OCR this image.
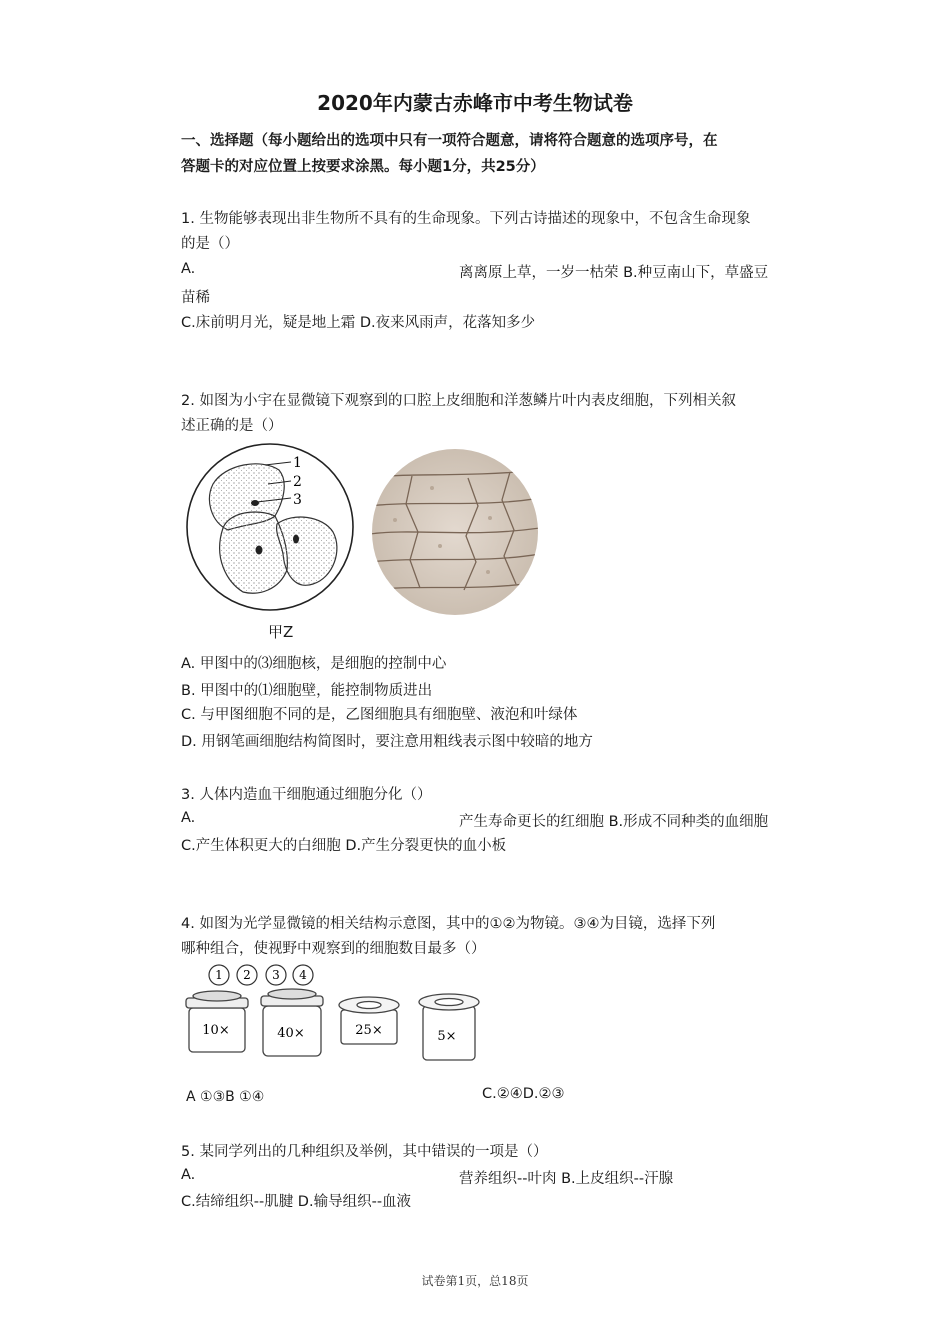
2020年内蒙古赤峰市中考生物试卷
一、选择题（每小题给出的选项中只有一项符合题意，请将符合题意的选项序号，在
答题卡的对应位置上按要求涂黑。每小题1分，共25分）
1. 生物能够表现出非生物所不具有的生命现象。下列古诗描述的现象中，不包含生命现象
的是（）
A.	离离原上草，一岁一枯荣 B.种豆南山下，草盛豆
苗稀
C.床前明月光，疑是地上霜 D.夜来风雨声，花落知多少
2. 如图为小宇在显微镜下观察到的口腔上皮细胞和洋葱鳞片叶内表皮细胞，下列相关叙
述正确的是（）
1
2
3
甲Z
A. 甲图中的⑶细胞核，是细胞的控制中心
B. 甲图中的⑴细胞壁，能控制物质进出
C. 与甲图细胞不同的是，乙图细胞具有细胞壁、液泡和叶绿体
D. 用钢笔画细胞结构简图时，要注意用粗线表示图中较暗的地方
3. 人体内造血干细胞通过细胞分化（）
A.	产生寿命更长的红细胞 B.形成不同种类的血细胞
C.产生体积更大的白细胞 D.产生分裂更快的血小板
4. 如图为光学显微镜的相关结构示意图，其中的①②为物镜。③④为目镜，选择下列
哪种组合，使视野中观察到的细胞数目最多（）
1 2 3 4
10×	40×	25×	5×
A ①③B ①④	C.②④D.②③
5. 某同学列出的几种组织及举例，其中错误的一项是（）
A.	营养组织--叶肉 B.上皮组织--汗腺
C.结缔组织--肌腱 D.输导组织--血液
试卷第1页，总18页
